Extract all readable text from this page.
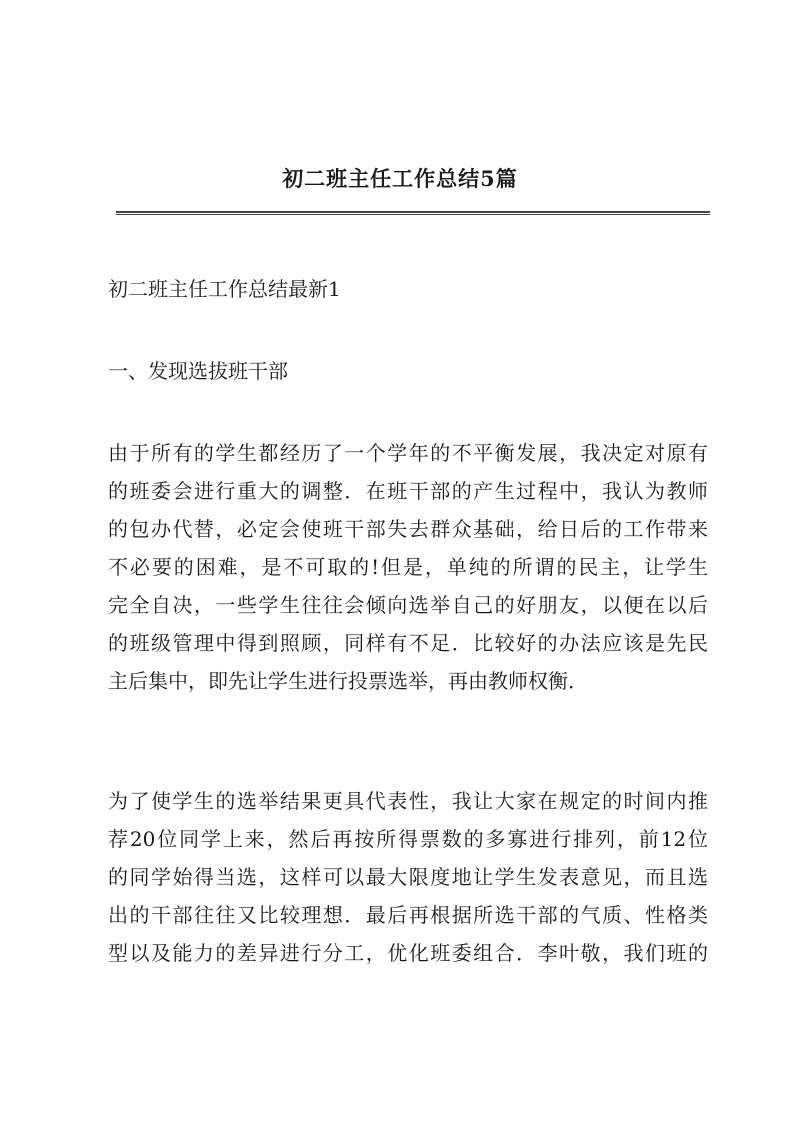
初二班主任工作总结5篇
初二班主任工作总结最新1
一、发现选拔班干部
由于所有的学生都经历了一个学年的不平衡发展，我决定对原有
的班委会进行重大的调整．在班干部的产生过程中，我认为教师
的包办代替，必定会使班干部失去群众基础，给日后的工作带来
不必要的困难，是不可取的!但是，单纯的所谓的民主，让学生
完全自决，一些学生往往会倾向选举自己的好朋友，以便在以后
的班级管理中得到照顾，同样有不足．比较好的办法应该是先民
主后集中，即先让学生进行投票选举，再由教师权衡．
为了使学生的选举结果更具代表性，我让大家在规定的时间内推
荐20位同学上来，然后再按所得票数的多寡进行排列，前12位
的同学始得当选，这样可以最大限度地让学生发表意见，而且选
出的干部往往又比较理想．最后再根据所选干部的气质、性格类
型以及能力的差异进行分工，优化班委组合．李叶敬，我们班的
